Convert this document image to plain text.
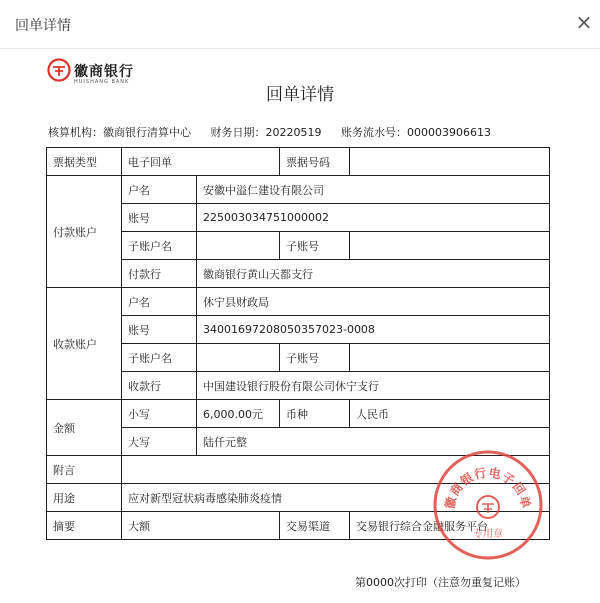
回单详情	×
徽商银行
HUISHANG BANK
回单详情
核算机构：徽商银行清算中心 财务日期：20220519 账务流水号：000003906613
票据类型	电子回单		票据号码	
付款账户	户名	安徽中溢仁建设有限公司		
	账号	225003034751000002		
	子账户名		子账号	
	付款行	徽商银行黄山天都支行		
收款账户	户名	休宁县财政局		
	账号	34001697208050357023-0008		
	子账户名		子账号	
	收款行	中国建设银行股份有限公司休宁支行		
金额	小写	6,000.00元	币种	人民币
	大写	陆仟元整		
附言				
用途	应对新型冠状病毒感染肺炎疫情			
摘要	大额		交易渠道	交易银行综合金融服务平台
徽商银行电子回单
专用章
第0000次打印（注意勿重复记账）
